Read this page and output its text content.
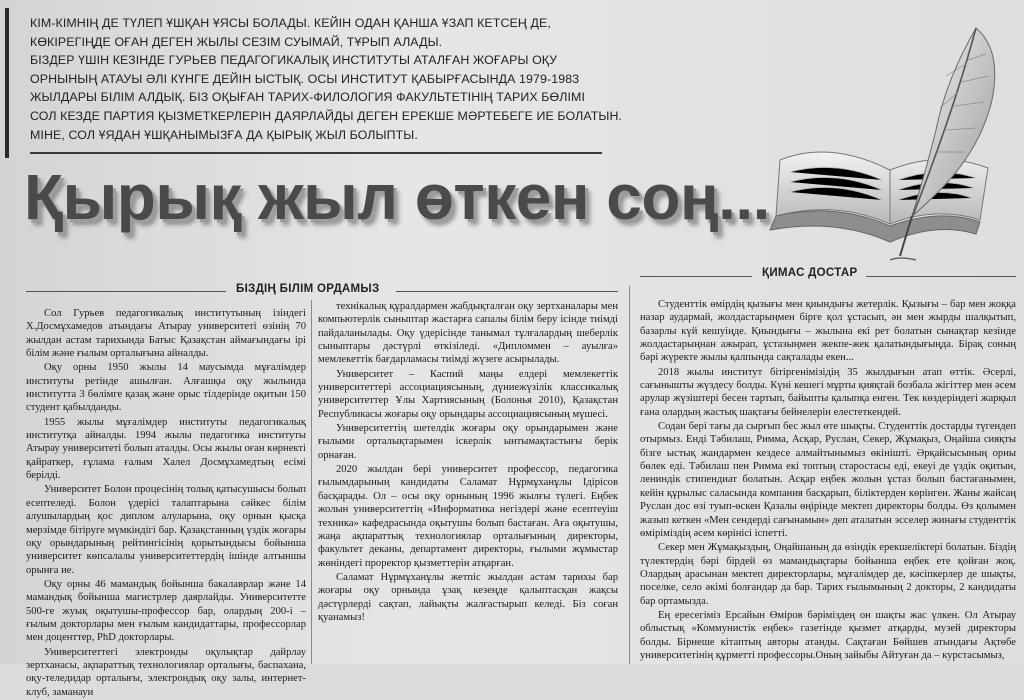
КІМ-КІМНІҢ ДЕ ТҮЛЕП ҰШҚАН ҰЯСЫ БОЛАДЫ. КЕЙІН ОДАН ҚАНША ҰЗАП КЕТСЕҢ ДЕ,
КӨКІРЕГІҢДЕ ОҒАН ДЕГЕН ЖЫЛЫ СЕЗІМ СУЫМАЙ, ТҰРЫП АЛАДЫ.
БІЗДЕР ҮШІН КЕЗІНДЕ ГУРЬЕВ ПЕДАГОГИКАЛЫҚ ИНСТИТУТЫ АТАЛҒАН ЖОҒАРЫ ОҚУ
ОРНЫНЫҢ АТАУЫ ӘЛІ КҮНГЕ ДЕЙІН ЫСТЫҚ. ОСЫ ИНСТИТУТ ҚАБЫРҒАСЫНДА 1979-1983
ЖЫЛДАРЫ БІЛІМ АЛДЫҚ. БІЗ ОҚЫҒАН ТАРИХ-ФИЛОЛОГИЯ ФАКУЛЬТЕТІНІҢ ТАРИХ БӨЛІМІ
СОЛ КЕЗДЕ ПАРТИЯ ҚЫЗМЕТКЕРЛЕРІН ДАЯРЛАЙДЫ ДЕГЕН ЕРЕКШЕ МӘРТЕБЕГЕ ИЕ БОЛАТЫН.
МІНЕ, СОЛ ҰЯДАН ҰШҚАНЫМЫЗҒА ДА ҚЫРЫҚ ЖЫЛ БОЛЫПТЫ.
Қырық жыл өткен соң...
БІЗДІҢ БІЛІМ ОРДАМЫЗ
ҚИМАС ДОСТАР

Сол Гурьев педагогикалық институтының ізіндегі Х.Досмұхамедов атындағы Атырау университеті өзінің 70 жылдан астам тарихында Батыс Қазақстан аймағындағы ірі білім және ғылым орталығына айналды.

Оқу орны 1950 жылы 14 маусымда мұғалімдер институты ретінде ашылған. Алғашқы оқу жылында институтта 3 бөлімге қазақ және орыс тілдерінде оқитын 150 студент қабылданды.

1955 жылы мұғалімдер институты педагогикалық институтқа айналды. 1994 жылы педагогика институты Атырау университеті болып аталды. Осы жылы оған көрнекті қайраткер, ғұлама ғалым Халел Досмұхамедтың есімі берілді.

Университет Болон процесінің толық қатысушысы болып есептеледі. Болон үдерісі талаптарына сәйкес білім алушылардың қос диплом алуларына, оқу орнын қысқа мерзімде бітіруге мүмкіндігі бар. Қазақстанның үздік жоғары оқу орындарының рейтингісінің қорытындысы бойынша университет көпсалалы университеттердің ішінде алтыншы орынға ие.

Оқу орны 46 мамандық бойынша бакалаврлар және 14 мамандық бойынша магистрлер даярлайды. Университетте 500-ге жуық оқытушы-профессор бар, олардың 200-і – ғылым докторлары мен ғылым кандидаттары, профессорлар мен доценттер, PhD докторлары.

Университеттегі электронды оқулықтар дайрлау зертханасы, ақпараттық технологиялар орталығы, баспахана, оқу-теледидар орталығы, электрондық оқу залы, интернет-клуб, заманауи

технікалық құралдармен жабдықталған оқу зертханалары мен компьютерлік сыныптар жастарға сапалы білім беру ісінде тиімді пайдаланылады. Оқу үдерісінде танымал тұлғалардың шеберлік сыныптары дәстүрлі өткізіледі. «Дипломмен – ауылға» мемлекеттік бағдарламасы тиімді жүзеге асырылады.

Университет – Каспий маңы елдері мемлекеттік университеттері ассоциациясының, дүниежүзілік классикалық университеттер Ұлы Хартиясының (Болонья 2010), Қазақстан Республикасы жоғары оқу орындары ассоциациясының мүшесі.

Университеттің шетелдік жоғары оқу орындарымен және ғылыми орталықтарымен іскерлік ынтымақтастығы берік орнаған.

2020 жылдан бері университет профессор, педагогика ғылымдарының кандидаты Саламат Нұрмұханұлы Ідірісов басқарады. Ол – осы оқу орнының 1996 жылғы түлегі. Еңбек жолын университеттің «Информатика негіздері және есептеуіш техника» кафедрасында оқытушы болып бастаған. Аға оқытушы, жаңа ақпараттық технологиялар орталығының директоры, факультет деканы, департамент директоры, ғылыми жұмыстар жөніндегі проректор қызметтерін атқарған.

Саламат Нұрмұханұлы жетпіс жылдан астам тарихы бар жоғары оқу орнында ұзақ кезеңде қалыптасқан жақсы дәстүрлерді сақтап, лайықты жалғастырып келеді. Біз соған қуанамыз!

Студенттік өмірдің қызығы мен қиындығы жетерлік. Қызығы – бар мен жоққа назар аудармай, жолдастарыңмен бірге қол ұстасып, ән мен жырды шалқытып, базарлы күй кешуіңде. Қиындығы – жылына екі рет болатын сынақтар кезінде жолдастарыңнан ажырап, ұстазыңмен жекпе-жек қалатындығыңда. Бірақ соның бәрі жүректе жылы қалпында сақталады екен...

2018 жылы институт бітіргенімізідің 35 жылдығын атап өттік. Әсерлі, сағынышты жүздесу болды. Күні кешегі мұрты қияқтай бозбала жігіттер мен әсем арулар жүзіштері бесен тартып, байыпты қалыпқа енген. Тек көздеріндегі жарқыл ғана олардың жастық шақтағы бейнелерін елестеткендей.

Содан бері тағы да сырғып бес жыл өте шықты. Студенттік достарды түгендеп отырмыз. Енді Тәбилаш, Римма, Асқар, Руслан, Секер, Жұмақыз, Оңайша сияқты бізге ыстық жандармен кездесе алмайтынымыз өкінішті. Әрқайсысының орны бөлек еді. Тәбилаш пен Римма екі топтың старостасы еді, екеуі де үздік оқитын, лениндік стипендиат болатын. Асқар еңбек жолын ұстаз болып бастағанымен, кейін құрылыс саласында компания басқарып, біліктерден көрінген. Жаны жайсаң Руслан дос өзі туып-өскен Қазалы өңірінде мектеп директоры болды. Өз қолымен жазып кеткен «Мен сендерді сағынамын» деп аталатын эсселер жинағы студенттік өміріміздің әсем көрінісі іспетті.

Секер мен Жұмақыздың, Оңайшаның да өзіндік ерекшеліктері болатын. Біздің түлектердің бәрі бірдей өз мамандықтары бойынша еңбек ете қойған жоқ. Олардың арасынан мектеп директорлары, мұғалімдер де, кәсіпкерлер де шықты, поселке, село әкімі болғандар да бар. Тарих ғылымының 2 докторы, 2 кандидаты бар ортамызда.

Ең ересегіміз Ерсайын Өміров бәріміздең он шақты жас үлкен. Ол Атырау облыстық «Коммунистік еңбек» газетінде қызмет атқарды, музей директоры болды. Бірнеше кітаптың авторы атанды. Сақтаған Бөйшев атындағы Ақтөбе университетінің құрметті профессоры.Оның зайыбы Айтуған да – курстасымыз,
